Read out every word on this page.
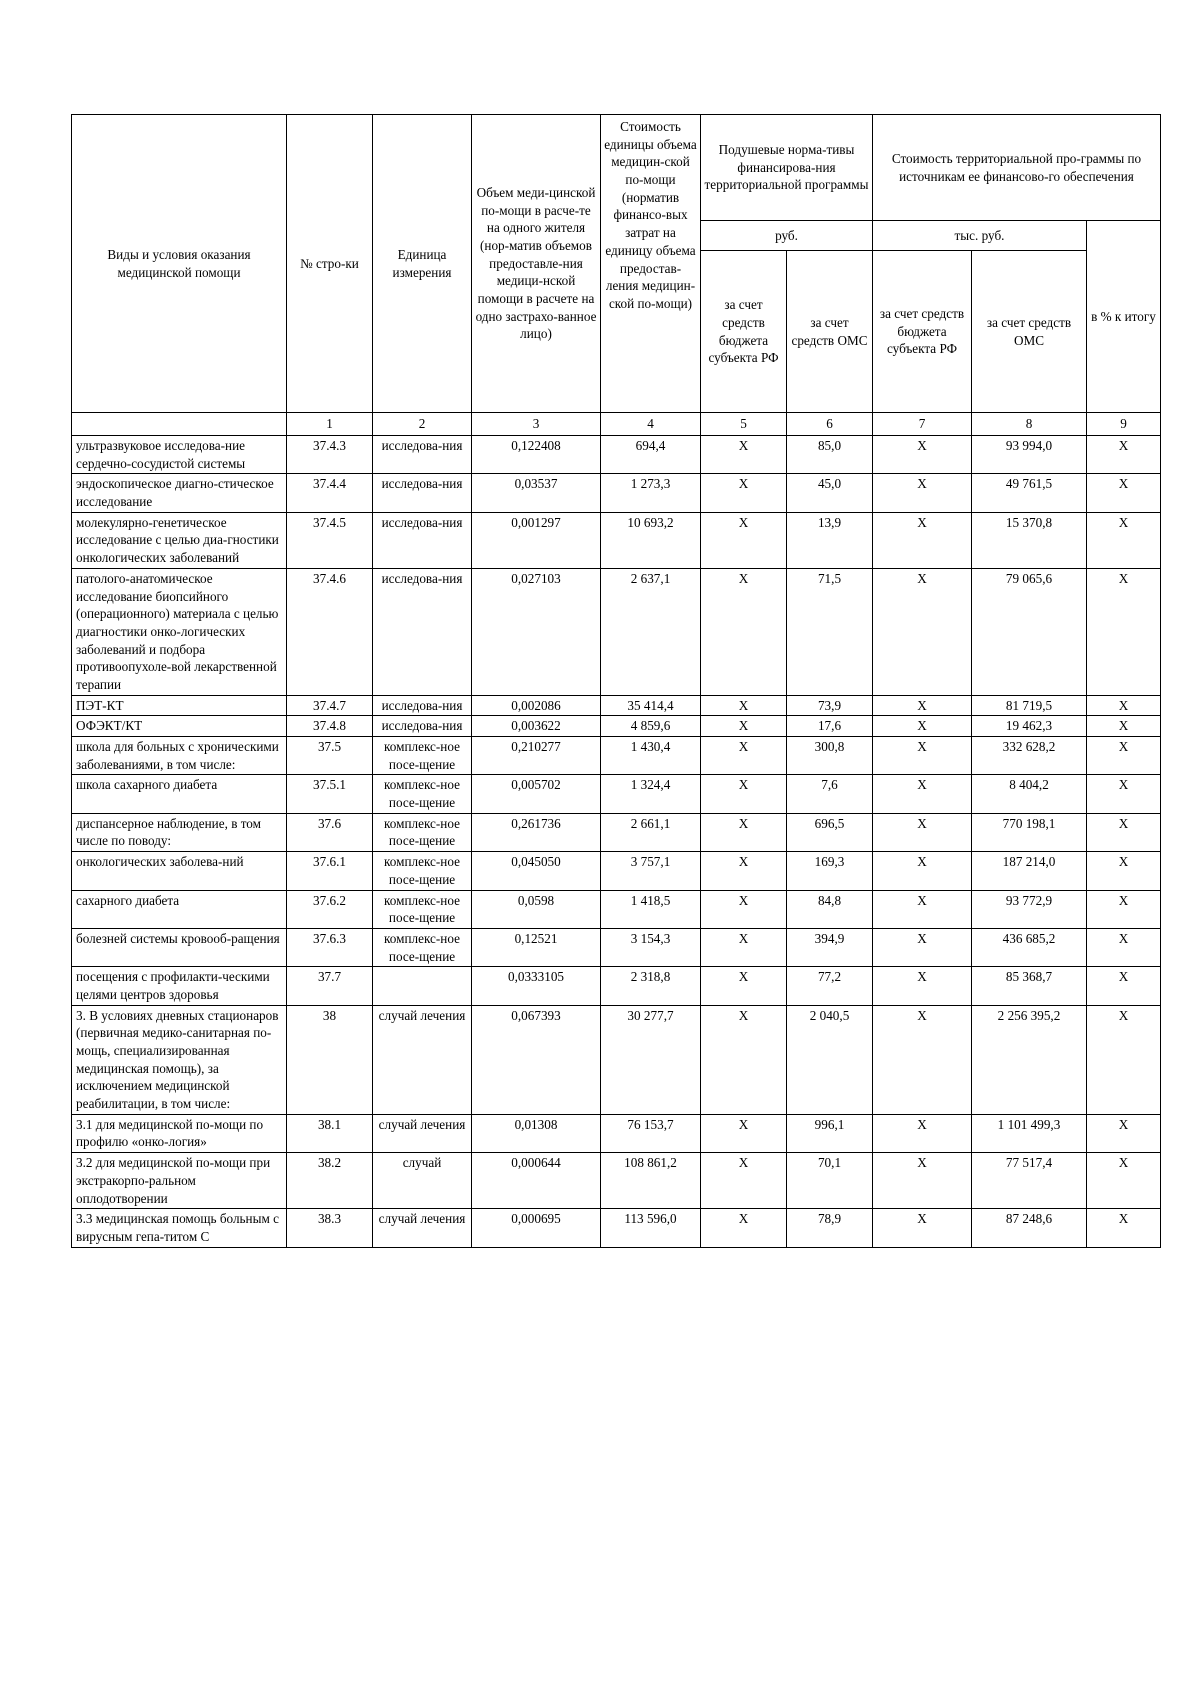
Виды и условия оказания медицинской помощи	№ стро-ки	Единица измерения	Объем меди-цинской по-мощи в расче-те на одного жителя (нор-матив объемов предоставле-ния медици-нской помощи в расчете на одно застрахо-ванное лицо)	Стоимость единицы объема медицин-ской по-мощи (норматив финансо-вых затрат на единицу объема предостав-ления медицин-ской по-мощи)	Подушевые норма-тивы финансирова-ния территориальной программы		Стоимость территориальной про-граммы по источникам ее финансово-го обеспечения		
					руб.		тыс. руб.		в % к итогу
					за счет средств бюджета субъекта РФ	за счет средств ОМС	за счет средств бюджета субъекта РФ	за счет средств ОМС	
	1	2	3	4	5	6	7	8	9
ультразвуковое исследова-ние сердечно-сосудистой системы	37.4.3	исследова-ния	0,122408	694,4	Х	85,0	Х	93 994,0	Х
эндоскопическое диагно-стическое исследование	37.4.4	исследова-ния	0,03537	1 273,3	Х	45,0	Х	49 761,5	Х
молекулярно-генетическое исследование с целью диа-гностики онкологических заболеваний	37.4.5	исследова-ния	0,001297	10 693,2	Х	13,9	Х	15 370,8	Х
патолого-анатомическое исследование биопсийного (операционного) материала с целью диагностики онко-логических заболеваний и подбора противоопухоле-вой лекарственной терапии	37.4.6	исследова-ния	0,027103	2 637,1	Х	71,5	Х	79 065,6	Х
ПЭТ-КТ	37.4.7	исследова-ния	0,002086	35 414,4	Х	73,9	Х	81 719,5	Х
ОФЭКТ/КТ	37.4.8	исследова-ния	0,003622	4 859,6	Х	17,6	Х	19 462,3	Х
школа для больных с хроническими заболеваниями, в том числе:	37.5	комплекс-ное посе-щение	0,210277	1 430,4	Х	300,8	Х	332 628,2	Х
школа сахарного диабета	37.5.1	комплекс-ное посе-щение	0,005702	1 324,4	Х	7,6	Х	8 404,2	Х
диспансерное наблюдение, в том числе по поводу:	37.6	комплекс-ное посе-щение	0,261736	2 661,1	Х	696,5	Х	770 198,1	Х
онкологических заболева-ний	37.6.1	комплекс-ное посе-щение	0,045050	3 757,1	Х	169,3	Х	187 214,0	Х
сахарного диабета	37.6.2	комплекс-ное посе-щение	0,0598	1 418,5	Х	84,8	Х	93 772,9	Х
болезней системы кровооб-ращения	37.6.3	комплекс-ное посе-щение	0,12521	3 154,3	Х	394,9	Х	436 685,2	Х
посещения с профилакти-ческими целями центров здоровья	37.7		0,0333105	2 318,8	Х	77,2	Х	85 368,7	Х
3. В условиях дневных стационаров (первичная медико-санитарная по-мощь, специализированная медицинская помощь), за исключением медицинской реабилитации, в том числе:	38	случай лечения	0,067393	30 277,7	Х	2 040,5	Х	2 256 395,2	Х
3.1 для медицинской по-мощи по профилю «онко-логия»	38.1	случай лечения	0,01308	76 153,7	Х	996,1	Х	1 101 499,3	Х
3.2 для медицинской по-мощи при экстракорпо-ральном оплодотворении	38.2	случай	0,000644	108 861,2	Х	70,1	Х	77 517,4	Х
3.3 медицинская помощь больным с вирусным гепа-титом С	38.3	случай лечения	0,000695	113 596,0	Х	78,9	Х	87 248,6	Х
